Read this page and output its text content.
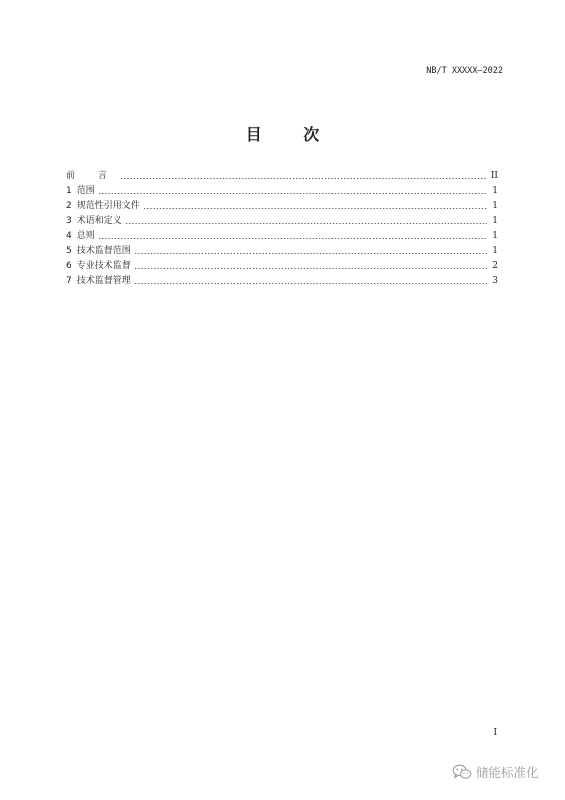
NB/T XXXXX—2022
目 次
前 言	II
1 范围	1
2 规范性引用文件	1
3 术语和定义	1
4 总则	1
5 技术监督范围	1
6 专业技术监督	2
7 技术监督管理	3
I
储能标准化
